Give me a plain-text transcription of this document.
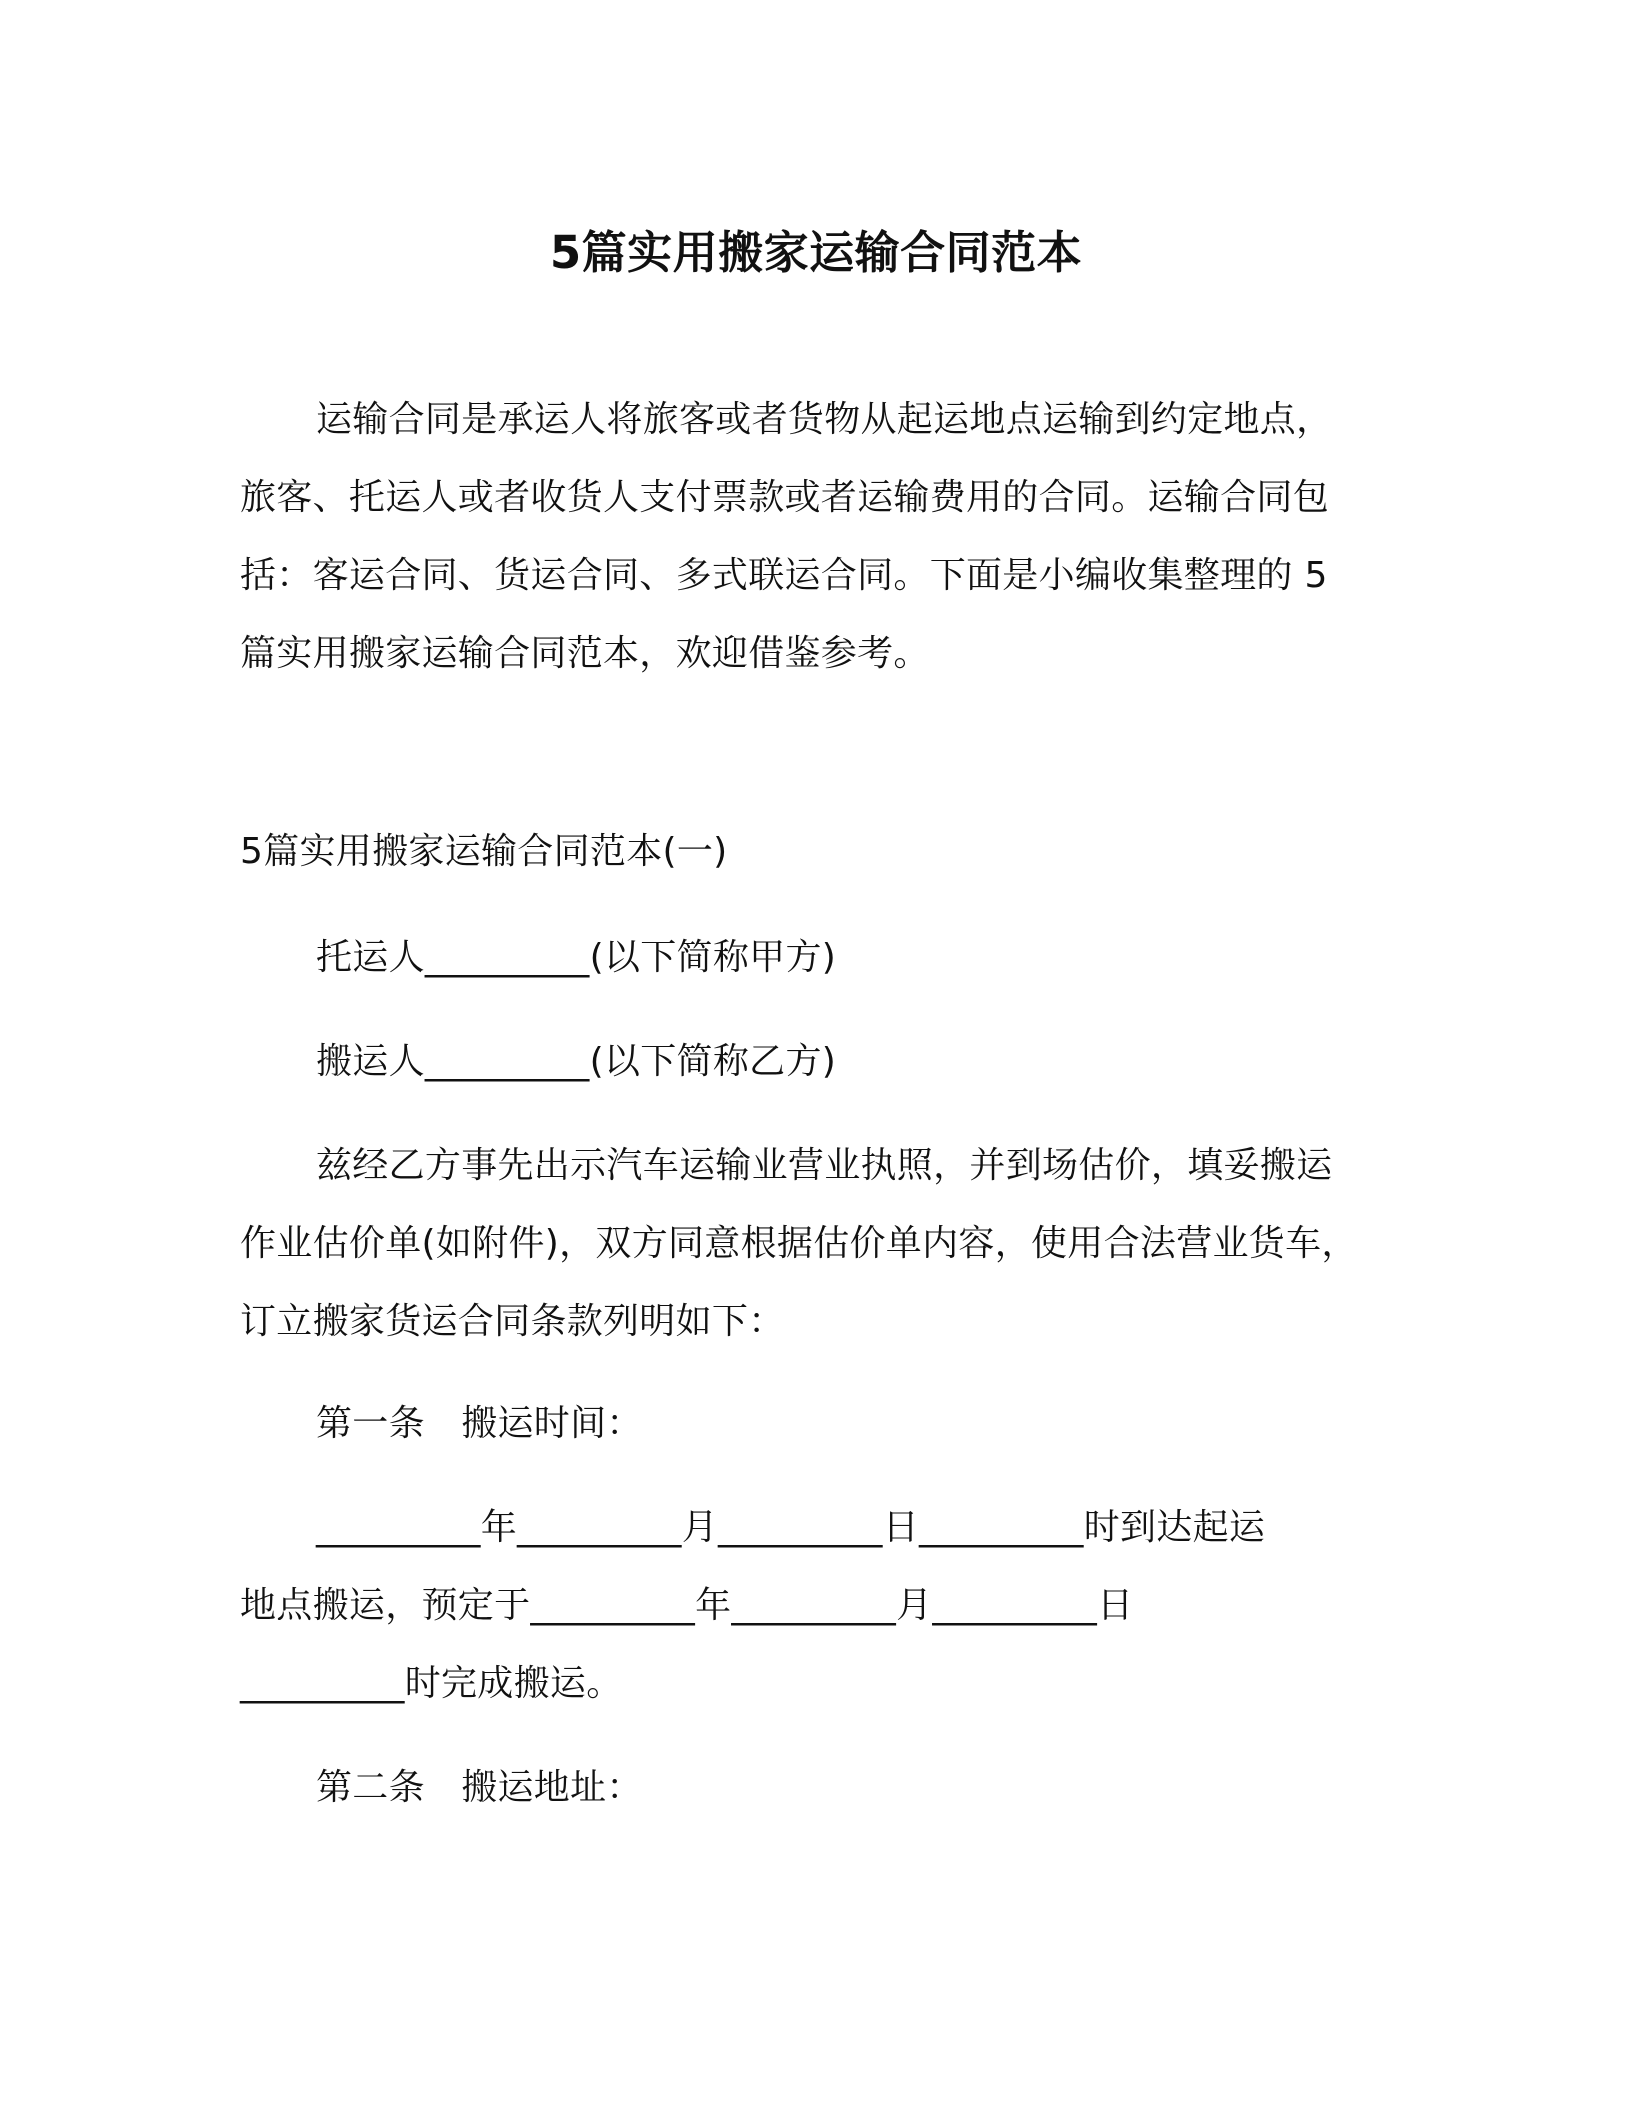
5篇实用搬家运输合同范本

运输合同是承运人将旅客或者货物从起运地点运输到约定地点，

旅客、托运人或者收货人支付票款或者运输费用的合同。运输合同包

括：客运合同、货运合同、多式联运合同。下面是小编收集整理的 5

篇实用搬家运输合同范本，欢迎借鉴参考。

5篇实用搬家运输合同范本(一)

托运人_________(以下简称甲方)

搬运人_________(以下简称乙方)

兹经乙方事先出示汽车运输业营业执照，并到场估价，填妥搬运

作业估价单(如附件)，双方同意根据估价单内容，使用合法营业货车，

订立搬家货运合同条款列明如下：

第一条　搬运时间：

_________年_________月_________日_________时到达起运

地点搬运，预定于_________年_________月_________日

_________时完成搬运。

第二条　搬运地址：
